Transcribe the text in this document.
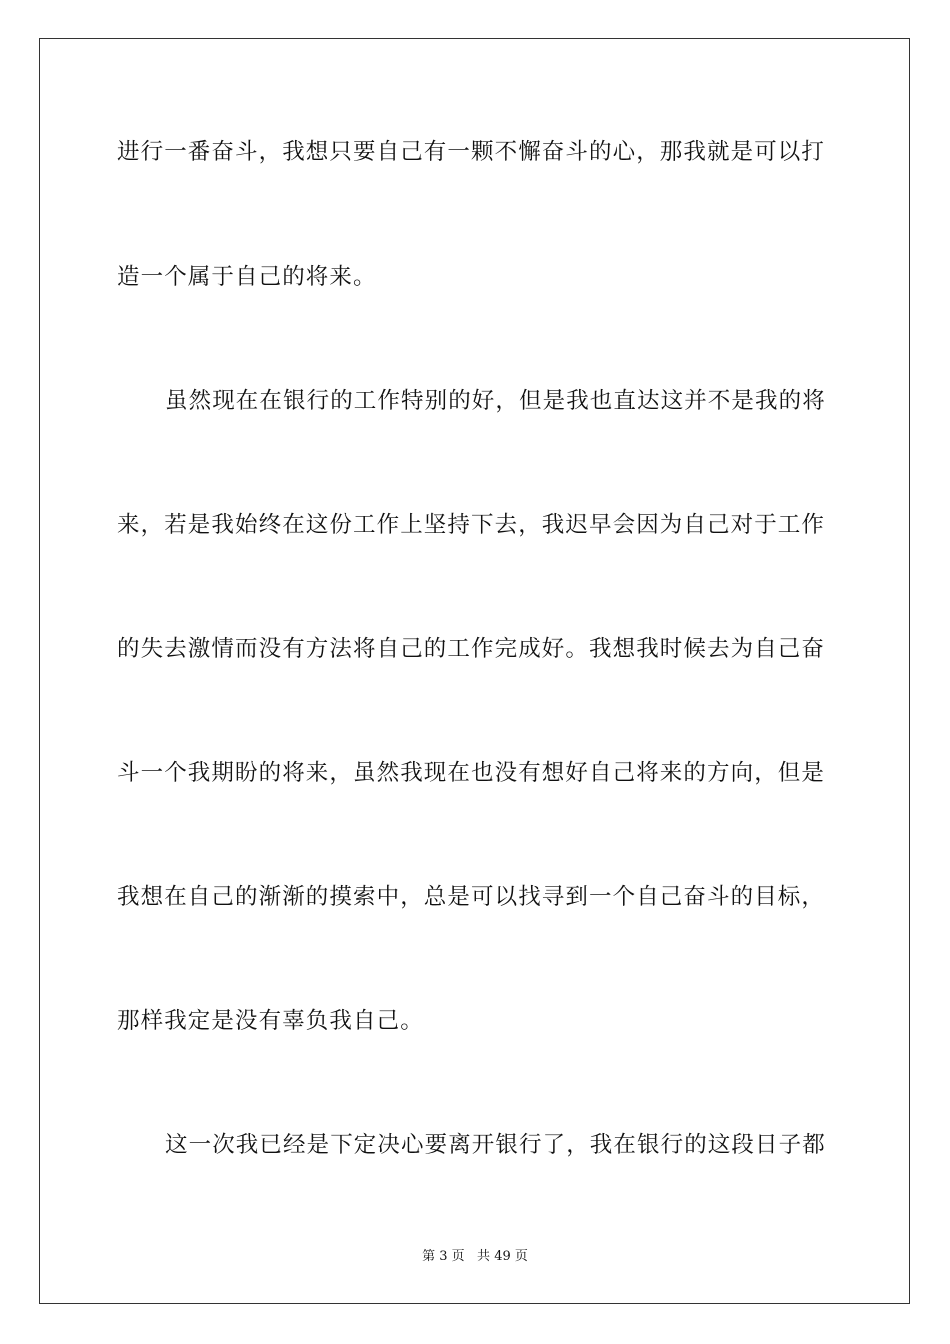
进行一番奋斗，我想只要自己有一颗不懈奋斗的心，那我就是可以打
造一个属于自己的将来。
虽然现在在银行的工作特别的好，但是我也直达这并不是我的将
来，若是我始终在这份工作上坚持下去，我迟早会因为自己对于工作
的失去激情而没有方法将自己的工作完成好。我想我时候去为自己奋
斗一个我期盼的将来，虽然我现在也没有想好自己将来的方向，但是
我想在自己的渐渐的摸索中，总是可以找寻到一个自己奋斗的目标，
那样我定是没有辜负我自己。
这一次我已经是下定决心要离开银行了，我在银行的这段日子都
第 3 页   共 49 页
